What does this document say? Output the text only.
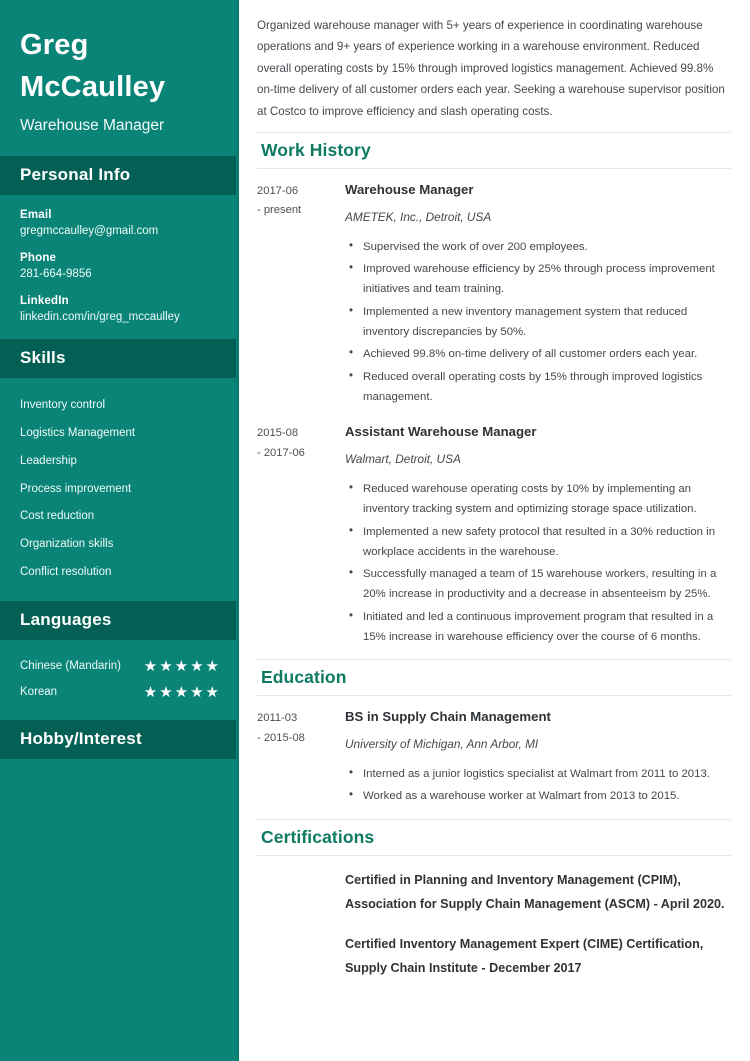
Greg
McCaulley

Warehouse Manager

Personal Info
Email
gregmccaulley@gmail.com
Phone
281-664-9856
LinkedIn
linkedin.com/in/greg_mccaulley
Skills
Inventory control
Logistics Management
Leadership
Process improvement
Cost reduction
Organization skills
Conflict resolution
Languages
Chinese (Mandarin) ★ ★ ★ ★ ★
Korean	★ ★ ★ ★ ★
Hobby/Interest

Organized warehouse manager with 5+ years of experience in coordinating warehouse operations and 9+ years of experience working in a warehouse environment. Reduced overall operating costs by 15% through improved logistics management. Achieved 99.8% on-time delivery of all customer orders each year. Seeking a warehouse supervisor position at Costco to improve efficiency and slash operating costs.

Work History
2017-06
- present
Warehouse Manager
AMETEK, Inc., Detroit, USA
• Supervised the work of over 200 employees.
• Improved warehouse efficiency by 25% through process improvement initiatives and team training.
• Implemented a new inventory management system that reduced inventory discrepancies by 50%.
• Achieved 99.8% on-time delivery of all customer orders each year.
• Reduced overall operating costs by 15% through improved logistics management.
2015-08
- 2017-06
Assistant Warehouse Manager
Walmart, Detroit, USA
• Reduced warehouse operating costs by 10% by implementing an inventory tracking system and optimizing storage space utilization.
• Implemented a new safety protocol that resulted in a 30% reduction in workplace accidents in the warehouse.
• Successfully managed a team of 15 warehouse workers, resulting in a 20% increase in productivity and a decrease in absenteeism by 25%.
• Initiated and led a continuous improvement program that resulted in a 15% increase in warehouse efficiency over the course of 6 months.
Education
2011-03
- 2015-08
BS in Supply Chain Management
University of Michigan, Ann Arbor, MI
• Interned as a junior logistics specialist at Walmart from 2011 to 2013.
• Worked as a warehouse worker at Walmart from 2013 to 2015.
Certifications
Certified in Planning and Inventory Management (CPIM), Association for Supply Chain Management (ASCM) - April 2020.
Certified Inventory Management Expert (CIME) Certification, Supply Chain Institute - December 2017
